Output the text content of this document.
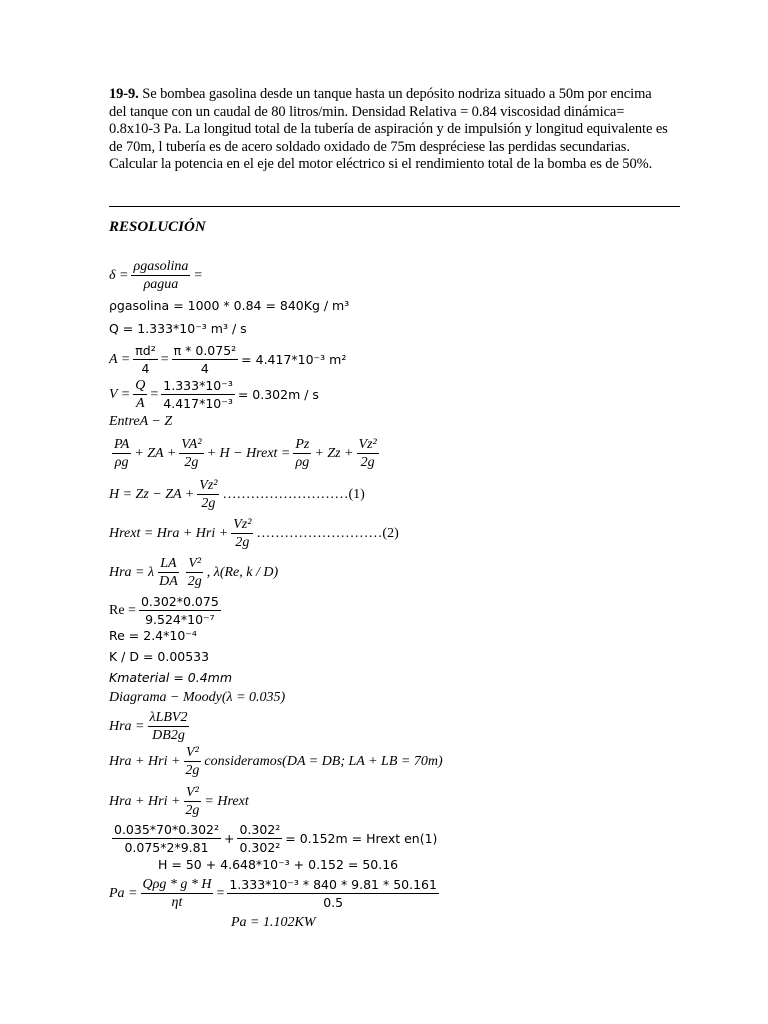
19-9. Se bombea gasolina desde un tanque hasta un depósito nodriza situado a 50m por encima del tanque con un caudal de 80 litros/min. Densidad Relativa = 0.84 viscosidad dinámica= 0.8x10-3 Pa. La longitud total de la tubería de aspiración y de impulsión y longitud equivalente es de 70m, l tubería es de acero soldado oxidado de 75m despréciese las perdidas secundarias. Calcular la potencia en el eje del motor eléctrico si el rendimiento total de la bomba es de 50%.
RESOLUCIÓN
$\delta = \frac{\text{ρgasolina}}{\text{ρagua}}$ =
ρgasolina = 1000 * 0.84 = 840Kg / m³
Q = 1.333*10⁻³ m³ / s
$A = \frac{\text{πd²}}{4} = \frac{\text{π * 0.075²}}{4} = 4.417*10^{-3}$ m²
$V = \frac{Q}{A} = \frac{\text{1.333*10⁻³}}{\text{4.417*10⁻³}} = 0.302m / s$
EntreA − Z
$\frac{PA}{\rho g}$ + ZA + $\frac{\text{VA²}}{2g} + H$ − Hrext = $\frac{Pz}{\rho g} + Zz + \frac{\text{Vz²}}{2g}$
H = Zz − ZA + $\frac{\text{Vz²}}{2g}$ ………………………(1)
Hrext = Hra + Hri + $\frac{\text{Vz²}}{2g}$ ………………………(2)
Hra = λ $\frac{LA}{DA} \frac{\text{V²}}{2g}$ , λ(Re, k / D)
$Re = \frac{0.302*0.075}{\text{9.524*10⁻⁷}}$
Re = 2.4*10⁻⁴
K / D = 0.00533
Kmaterial = 0.4mm
Diagrama − Moody(λ = 0.035)
Hra = $\frac{\text{λLBV2}}{DB2g}$
Hra + Hri + $\frac{\text{V²}}{2g}$ consideramos(DA = DB; LA + LB = 70m)
Hra + Hri + $\frac{\text{V²}}{2g}$ = Hrext
$\frac{\text{0.035*70*0.302²}}{0.075*2*9.81} + \frac{\text{0.302²}}{\text{0.302²}} = 0.152m$ = Hrext en(1)
H = 50 + 4.648*10⁻³ + 0.152 = 50.16
$Pa = \frac{\text{Qρg * g * H}}{\eta t} = \frac{\text{1.333*10⁻³ * 840 * 9.81 * 50.161}}{0.5}$
Pa = 1.102KW
